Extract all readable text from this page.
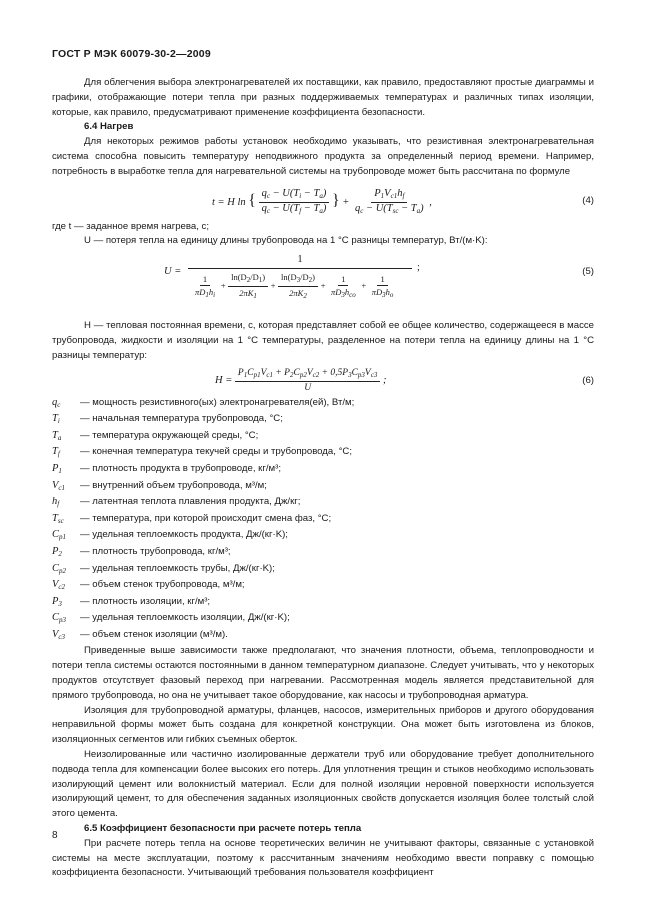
ГОСТ Р МЭК 60079-30-2—2009

Для облегчения выбора электронагревателей их поставщики, как правило, предоставляют простые диаграммы и графики, отображающие потери тепла при разных поддерживаемых температурах и различных типах изоляции, которые, как правило, предусматривают применение коэффициента безопасности.

6.4 Нагрев

Для некоторых режимов работы установок необходимо указывать, что резистивная электронагревательная система способна повысить температуру неподвижного продукта за определенный период времени. Например, потребность в выработке тепла для нагревательной системы на трубопроводе может быть рассчитана по формуле

t = H ln { $\frac{q_c - U(T_i - T_a)}{q_c - U(T_f - T_a)}$ } + $\frac{P_1V_{c1}h_f}{q_c - U(T_{sc} - T_a)}$ ,	(4)

где t — заданное время нагрева, с;

U — потеря тепла на единицу длины трубопровода на 1 °C разницы температур, Вт/(м·K):

U =
1
$\frac{1}{\pi D_1h_i} + \frac{\ln(D_2/D_1)}{2\pi K_1} + \frac{\ln(D_3/D_2)}{2\pi K_2} + \frac{1}{\pi D_3h_{co}} + \frac{1}{\pi D_3h_o}$
;	(5)

H — тепловая постоянная времени, c, которая представляет собой ее общее количество, содержащееся в массе трубопровода, жидкости и изоляции на 1 °C температуры, разделенное на потери тепла на единицу длины на 1 °C разницы температур:

$H = \frac{P_1C_{p1}V_{c1} + P_2C_{p2}V_{c2} + 0,5P_3C_{p3}V_{c3}}{U}$ ;	(6)
$q_c$	— мощность резистивного(ых) электронагревателя(ей), Вт/м;
$T_i$	— начальная температура трубопровода, °C;
$T_a$	— температура окружающей среды, °C;
$T_f$	— конечная температура текучей среды и трубопровода, °C;
$P_1$	— плотность продукта в трубопроводе, кг/м³;
$V_{c1}$	— внутренний объем трубопровода, м³/м;
$h_f$	— латентная теплота плавления продукта, Дж/кг;
$T_{sc}$	— температура, при которой происходит смена фаз, °C;
$C_{p1}$	— удельная теплоемкость продукта, Дж/(кг·K);
$P_2$	— плотность трубопровода, кг/м³;
$C_{p2}$	— удельная теплоемкость трубы, Дж/(кг·K);
$V_{c2}$	— объем стенок трубопровода, м³/м;
$P_3$	— плотность изоляции, кг/м³;
$C_{p3}$	— удельная теплоемкость изоляции, Дж/(кг·K);
$V_{c3}$	— объем стенок изоляции (м³/м).

Приведенные выше зависимости также предполагают, что значения плотности, объема, теплопроводности и потери тепла системы остаются постоянными в данном температурном диапазоне. Следует учитывать, что у некоторых продуктов отсутствует фазовый переход при нагревании. Рассмотренная модель является представительной для прямого трубопровода, но она не учитывает такое оборудование, как насосы и трубопроводная арматура.

Изоляция для трубопроводной арматуры, фланцев, насосов, измерительных приборов и другого оборудования неправильной формы может быть создана для конкретной конструкции. Она может быть изготовлена из блоков, изоляционных сегментов или гибких съемных оберток.

Неизолированные или частично изолированные держатели труб или оборудование требует дополнительного подвода тепла для компенсации более высоких его потерь. Для уплотнения трещин и стыков необходимо использовать изолирующий цемент или волокнистый материал. Если для полной изоляции неровной поверхности используется изолирующий цемент, то для обеспечения заданных изоляционных свойств допускается изоляция более толстый слой этого цемента.

6.5 Коэффициент безопасности при расчете потерь тепла

При расчете потерь тепла на основе теоретических величин не учитывают факторы, связанные с установкой системы на месте эксплуатации, поэтому к рассчитанным значениям необходимо ввести поправку с помощью коэффициента безопасности. Учитывающий требования пользователя коэффициент

8
